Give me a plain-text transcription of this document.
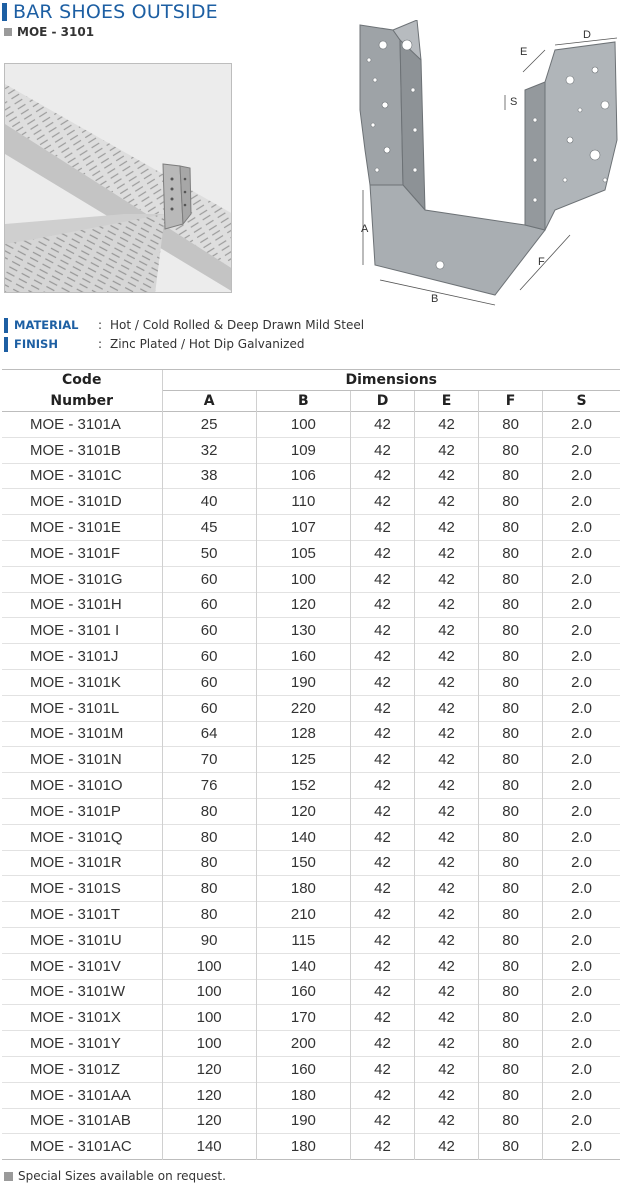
BAR SHOES OUTSIDE
MOE - 3101	D
E
S
A
F
B
MATERIAL	: Hot / Cold Rolled & Deep Drawn Mild Steel
FINISH	: Zinc Plated / Hot Dip Galvanized
Code	Dimensions					
Number	A	B	D	E	F	S
MOE - 3101A	25	100	42	42	80	2.0
MOE - 3101B	32	109	42	42	80	2.0
MOE - 3101C	38	106	42	42	80	2.0
MOE - 3101D	40	110	42	42	80	2.0
MOE - 3101E	45	107	42	42	80	2.0
MOE - 3101F	50	105	42	42	80	2.0
MOE - 3101G	60	100	42	42	80	2.0
MOE - 3101H	60	120	42	42	80	2.0
MOE - 3101 I	60	130	42	42	80	2.0
MOE - 3101J	60	160	42	42	80	2.0
MOE - 3101K	60	190	42	42	80	2.0
MOE - 3101L	60	220	42	42	80	2.0
MOE - 3101M	64	128	42	42	80	2.0
MOE - 3101N	70	125	42	42	80	2.0
MOE - 3101O	76	152	42	42	80	2.0
MOE - 3101P	80	120	42	42	80	2.0
MOE - 3101Q	80	140	42	42	80	2.0
MOE - 3101R	80	150	42	42	80	2.0
MOE - 3101S	80	180	42	42	80	2.0
MOE - 3101T	80	210	42	42	80	2.0
MOE - 3101U	90	115	42	42	80	2.0
MOE - 3101V	100	140	42	42	80	2.0
MOE - 3101W	100	160	42	42	80	2.0
MOE - 3101X	100	170	42	42	80	2.0
MOE - 3101Y	100	200	42	42	80	2.0
MOE - 3101Z	120	160	42	42	80	2.0
MOE - 3101AA	120	180	42	42	80	2.0
MOE - 3101AB	120	190	42	42	80	2.0
MOE - 3101AC	140	180	42	42	80	2.0
Special Sizes available on request.
